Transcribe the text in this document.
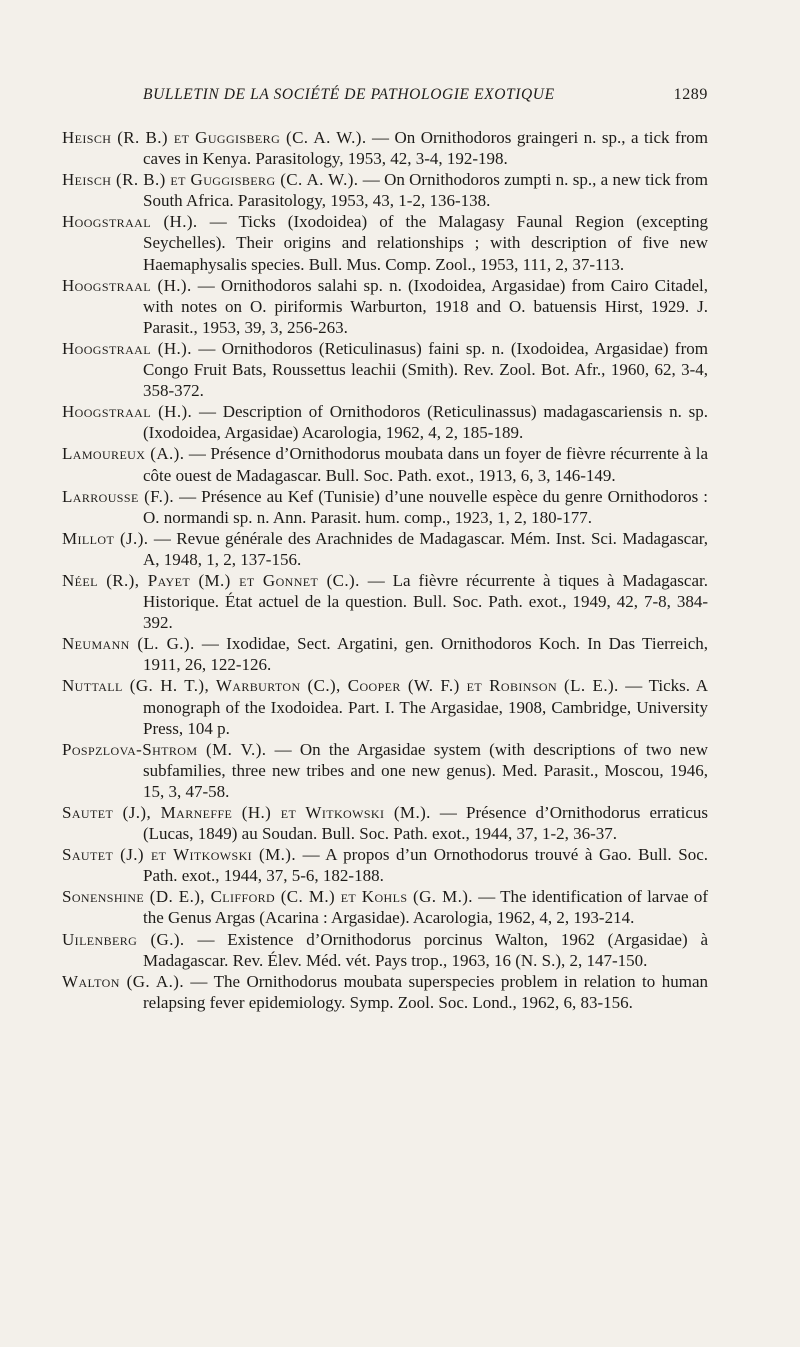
BULLETIN DE LA SOCIÉTÉ DE PATHOLOGIE EXOTIQUE	1289

Heisch (R. B.) et Guggisberg (C. A. W.). — On Ornithodoros graingeri n. sp., a tick from caves in Kenya. Parasitology, 1953, 42, 3-4, 192-198.

Heisch (R. B.) et Guggisberg (C. A. W.). — On Ornithodoros zumpti n. sp., a new tick from South Africa. Parasitology, 1953, 43, 1-2, 136-138.

Hoogstraal (H.). — Ticks (Ixodoidea) of the Malagasy Faunal Region (excepting Seychelles). Their origins and relationships ; with description of five new Haemaphysalis species. Bull. Mus. Comp. Zool., 1953, 111, 2, 37-113.

Hoogstraal (H.). — Ornithodoros salahi sp. n. (Ixodoidea, Argasidae) from Cairo Citadel, with notes on O. piriformis Warburton, 1918 and O. batuensis Hirst, 1929. J. Parasit., 1953, 39, 3, 256-263.

Hoogstraal (H.). — Ornithodoros (Reticulinasus) faini sp. n. (Ixodoidea, Argasidae) from Congo Fruit Bats, Roussettus leachii (Smith). Rev. Zool. Bot. Afr., 1960, 62, 3-4, 358-372.

Hoogstraal (H.). — Description of Ornithodoros (Reticulinassus) madagascariensis n. sp. (Ixodoidea, Argasidae) Acarologia, 1962, 4, 2, 185-189.

Lamoureux (A.). — Présence d’Ornithodorus moubata dans un foyer de fièvre récurrente à la côte ouest de Madagascar. Bull. Soc. Path. exot., 1913, 6, 3, 146-149.

Larrousse (F.). — Présence au Kef (Tunisie) d’une nouvelle espèce du genre Ornithodoros : O. normandi sp. n. Ann. Parasit. hum. comp., 1923, 1, 2, 180-177.

Millot (J.). — Revue générale des Arachnides de Madagascar. Mém. Inst. Sci. Madagascar, A, 1948, 1, 2, 137-156.

Néel (R.), Payet (M.) et Gonnet (C.). — La fièvre récurrente à tiques à Madagascar. Historique. État actuel de la question. Bull. Soc. Path. exot., 1949, 42, 7-8, 384-392.

Neumann (L. G.). — Ixodidae, Sect. Argatini, gen. Ornithodoros Koch. In Das Tierreich, 1911, 26, 122-126.

Nuttall (G. H. T.), Warburton (C.), Cooper (W. F.) et Robinson (L. E.). — Ticks. A monograph of the Ixodoidea. Part. I. The Argasidae, 1908, Cambridge, University Press, 104 p.

Pospzlova-Shtrom (M. V.). — On the Argasidae system (with descriptions of two new subfamilies, three new tribes and one new genus). Med. Parasit., Moscou, 1946, 15, 3, 47-58.

Sautet (J.), Marneffe (H.) et Witkowski (M.). — Présence d’Ornithodorus erraticus (Lucas, 1849) au Soudan. Bull. Soc. Path. exot., 1944, 37, 1-2, 36-37.

Sautet (J.) et Witkowski (M.). — A propos d’un Ornothodorus trouvé à Gao. Bull. Soc. Path. exot., 1944, 37, 5-6, 182-188.

Sonenshine (D. E.), Clifford (C. M.) et Kohls (G. M.). — The identification of larvae of the Genus Argas (Acarina : Argasidae). Acarologia, 1962, 4, 2, 193-214.

Uilenberg (G.). — Existence d’Ornithodorus porcinus Walton, 1962 (Argasidae) à Madagascar. Rev. Élev. Méd. vét. Pays trop., 1963, 16 (N. S.), 2, 147-150.

Walton (G. A.). — The Ornithodorus moubata superspecies problem in relation to human relapsing fever epidemiology. Symp. Zool. Soc. Lond., 1962, 6, 83-156.
